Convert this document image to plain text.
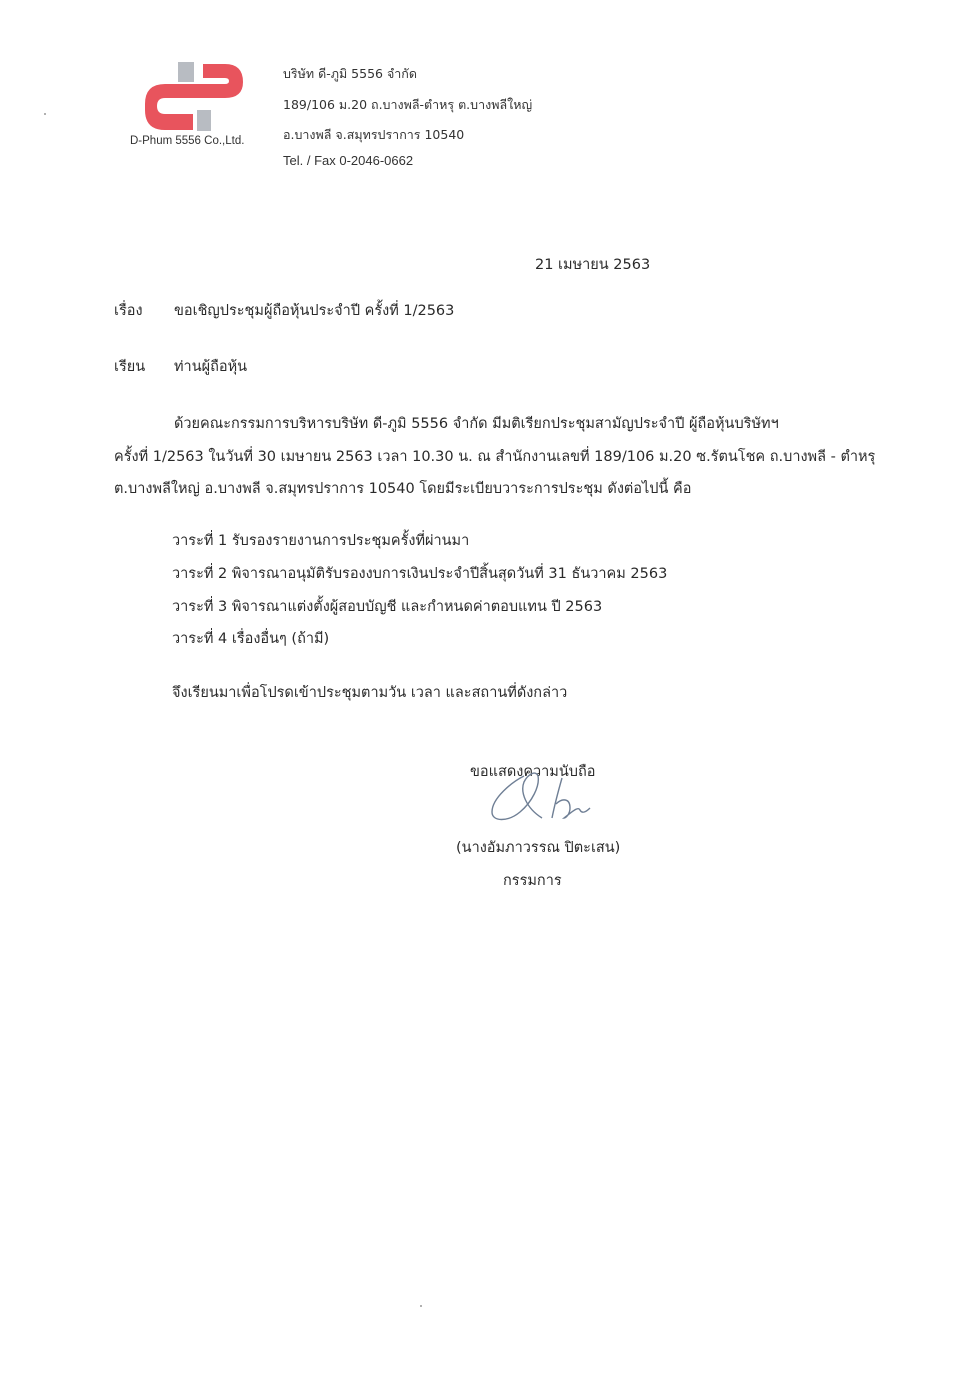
D-Phum 5556 Co.,Ltd.
บริษัท ดี-ภูมิ 5556 จำกัด
189/106 ม.20 ถ.บางพลี-ตำหรุ ต.บางพลีใหญ่
อ.บางพลี จ.สมุทรปราการ 10540
Tel. / Fax 0-2046-0662
21 เมษายน 2563
เรื่อง ขอเชิญประชุมผู้ถือหุ้นประจำปี ครั้งที่ 1/2563
เรียน ท่านผู้ถือหุ้น
ด้วยคณะกรรมการบริหารบริษัท ดี-ภูมิ 5556 จำกัด มีมติเรียกประชุมสามัญประจำปี ผู้ถือหุ้นบริษัทฯ
ครั้งที่ 1/2563 ในวันที่ 30 เมษายน 2563 เวลา 10.30 น. ณ สำนักงานเลขที่ 189/106 ม.20 ซ.รัตนโชค ถ.บางพลี - ตำหรุ
ต.บางพลีใหญ่ อ.บางพลี จ.สมุทรปราการ 10540 โดยมีระเบียบวาระการประชุม ดังต่อไปนี้ คือ
วาระที่ 1 รับรองรายงานการประชุมครั้งที่ผ่านมา
วาระที่ 2 พิจารณาอนุมัติรับรองงบการเงินประจำปีสิ้นสุดวันที่ 31 ธันวาคม 2563
วาระที่ 3 พิจารณาแต่งตั้งผู้สอบบัญชี และกำหนดค่าตอบแทน ปี 2563
วาระที่ 4 เรื่องอื่นๆ (ถ้ามี)
จึงเรียนมาเพื่อโปรดเข้าประชุมตามวัน เวลา และสถานที่ดังกล่าว
ขอแสดงความนับถือ
(นางอัมภาวรรณ ปิตะเสน)
กรรมการ
